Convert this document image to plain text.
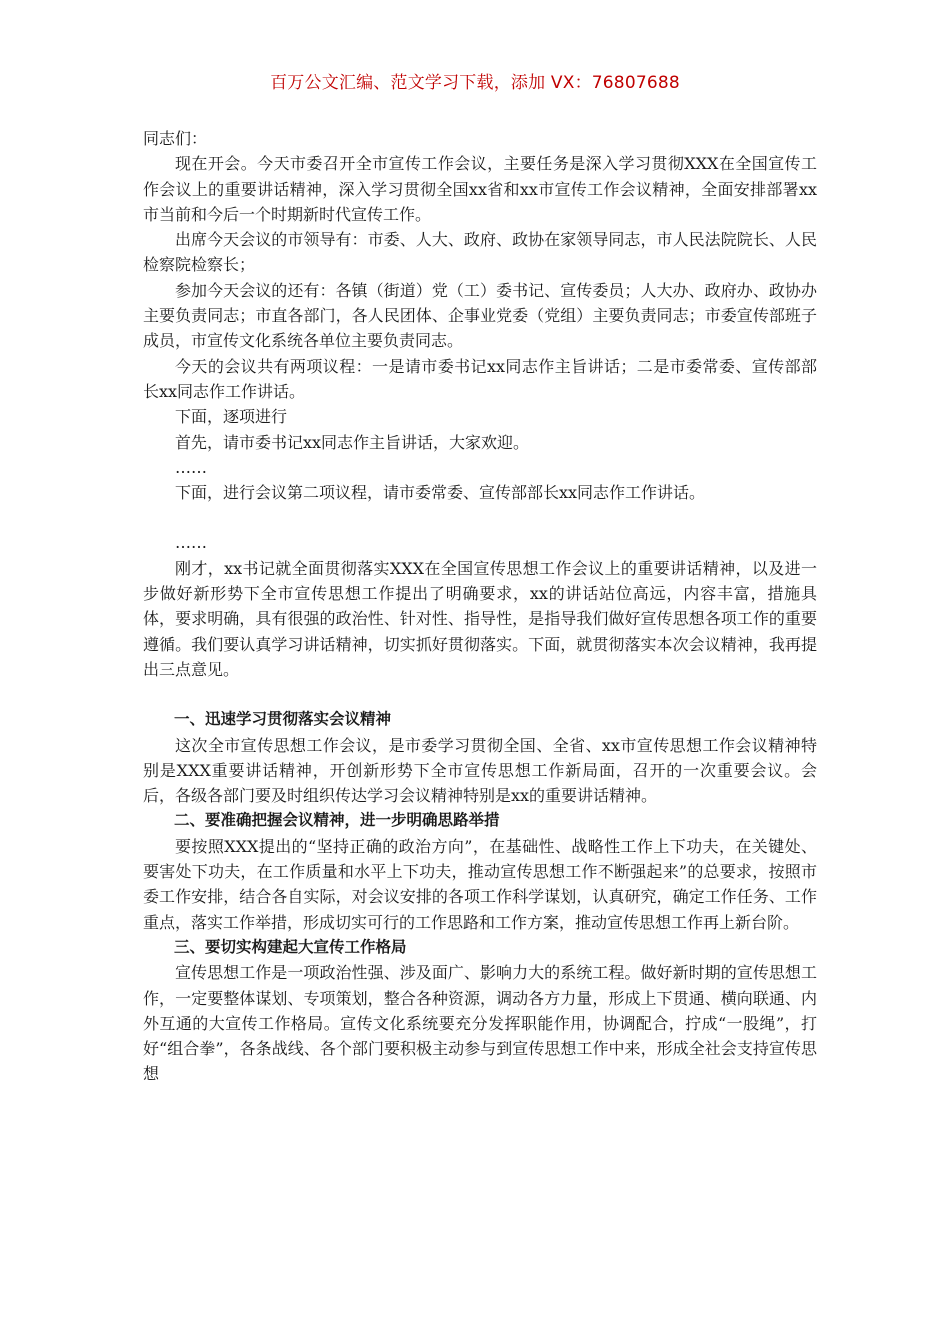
百万公文汇编、范文学习下载，添加 VX：76807688

同志们：

现在开会。今天市委召开全市宣传工作会议，主要任务是深入学习贯彻XXX在全国宣传工作会议上的重要讲话精神，深入学习贯彻全国xx省和xx市宣传工作会议精神，全面安排部署xx市当前和今后一个时期新时代宣传工作。

出席今天会议的市领导有：市委、人大、政府、政协在家领导同志，市人民法院院长、人民检察院检察长；

参加今天会议的还有：各镇（街道）党（工）委书记、宣传委员；人大办、政府办、政协办主要负责同志；市直各部门，各人民团体、企事业党委（党组）主要负责同志；市委宣传部班子成员，市宣传文化系统各单位主要负责同志。

今天的会议共有两项议程：一是请市委书记xx同志作主旨讲话；二是市委常委、宣传部部长xx同志作工作讲话。

下面，逐项进行

首先，请市委书记xx同志作主旨讲话，大家欢迎。

……

下面，进行会议第二项议程，请市委常委、宣传部部长xx同志作工作讲话。

……

刚才，xx书记就全面贯彻落实XXX在全国宣传思想工作会议上的重要讲话精神，以及进一步做好新形势下全市宣传思想工作提出了明确要求，xx的讲话站位高远，内容丰富，措施具体，要求明确，具有很强的政治性、针对性、指导性，是指导我们做好宣传思想各项工作的重要遵循。我们要认真学习讲话精神，切实抓好贯彻落实。下面，就贯彻落实本次会议精神，我再提出三点意见。

一、迅速学习贯彻落实会议精神

这次全市宣传思想工作会议，是市委学习贯彻全国、全省、xx市宣传思想工作会议精神特别是XXX重要讲话精神，开创新形势下全市宣传思想工作新局面，召开的一次重要会议。会后，各级各部门要及时组织传达学习会议精神特别是xx的重要讲话精神。

二、要准确把握会议精神，进一步明确思路举措

要按照XXX提出的“坚持正确的政治方向”，在基础性、战略性工作上下功夫，在关键处、要害处下功夫，在工作质量和水平上下功夫，推动宣传思想工作不断强起来”的总要求，按照市委工作安排，结合各自实际，对会议安排的各项工作科学谋划，认真研究，确定工作任务、工作重点，落实工作举措，形成切实可行的工作思路和工作方案，推动宣传思想工作再上新台阶。

三、要切实构建起大宣传工作格局

宣传思想工作是一项政治性强、涉及面广、影响力大的系统工程。做好新时期的宣传思想工作，一定要整体谋划、专项策划，整合各种资源，调动各方力量，形成上下贯通、横向联通、内外互通的大宣传工作格局。宣传文化系统要充分发挥职能作用，协调配合，拧成“一股绳”，打好“组合拳”，各条战线、各个部门要积极主动参与到宣传思想工作中来，形成全社会支持宣传思想
